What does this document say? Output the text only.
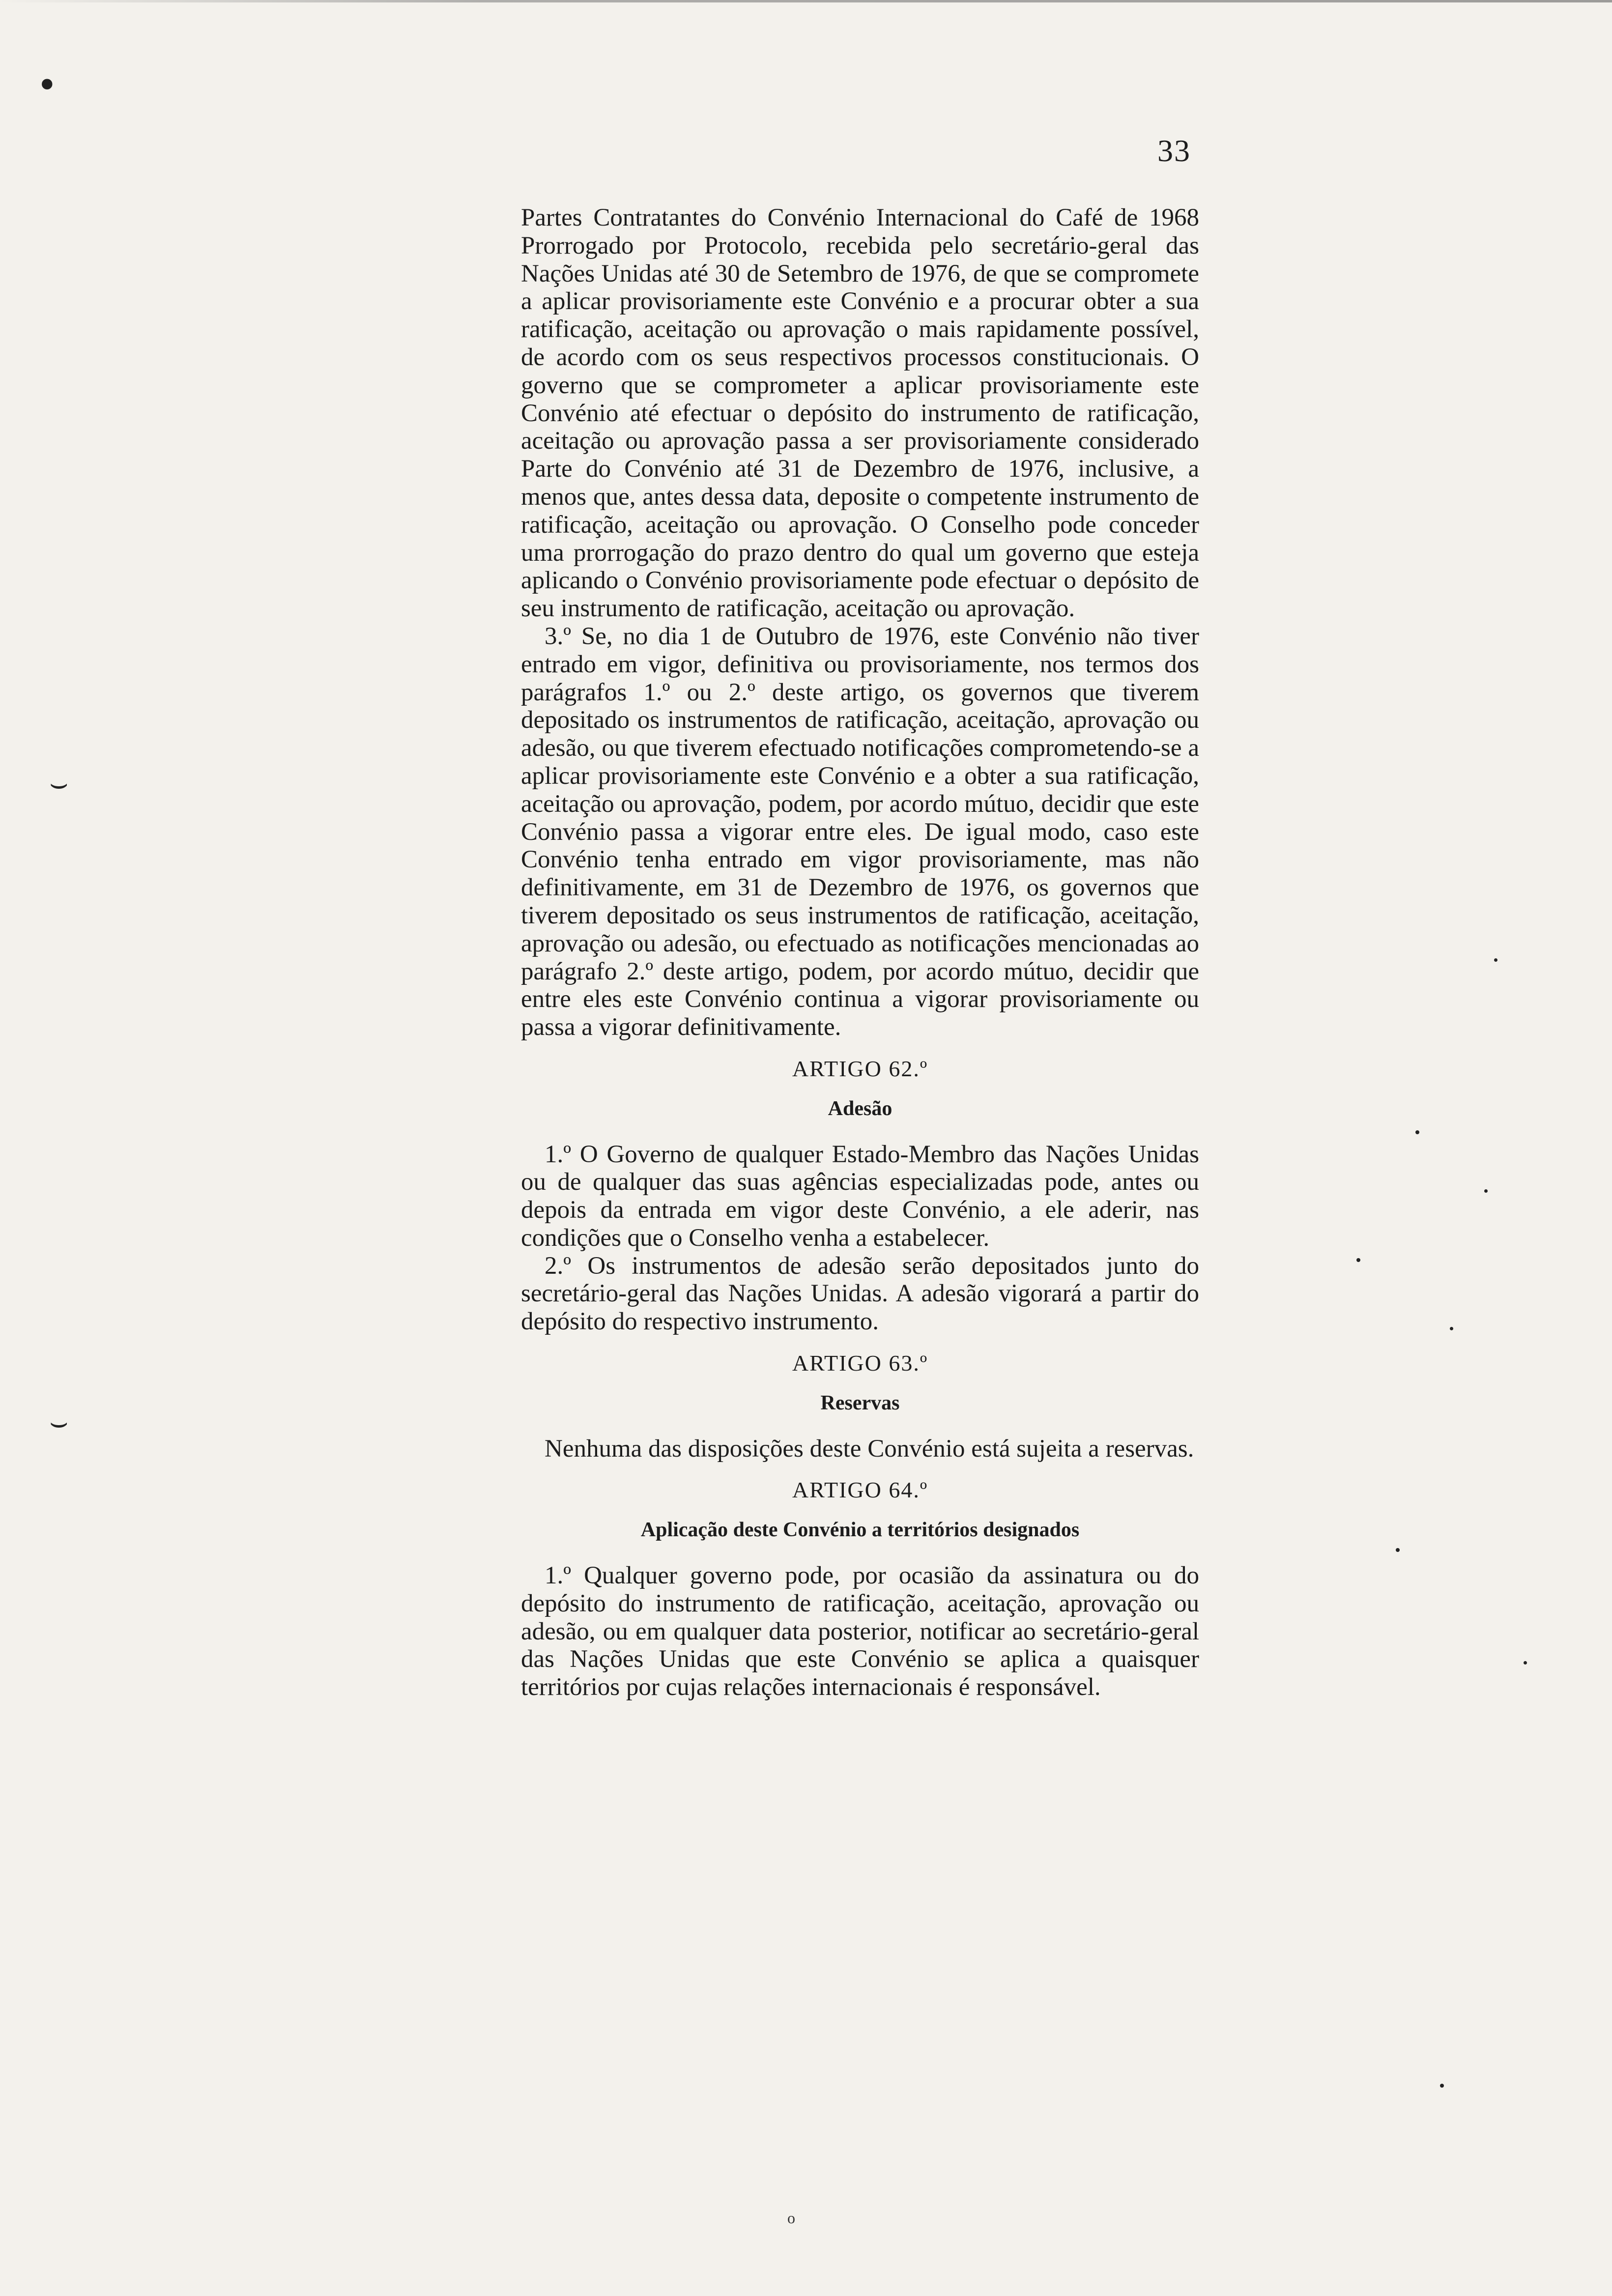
•
⌣
⌣
33

Partes Contratantes do Convénio Internacional do Café de 1968 Prorrogado por Protocolo, recebida pelo secretário-geral das Nações Unidas até 30 de Setembro de 1976, de que se compromete a aplicar provisoriamente este Convénio e a procurar obter a sua ratificação, aceitação ou aprovação o mais rapidamente possível, de acordo com os seus respectivos processos constitucionais. O governo que se comprometer a aplicar provisoriamente este Convénio até efectuar o depósito do instrumento de ratificação, aceitação ou aprovação passa a ser provisoriamente considerado Parte do Convénio até 31 de Dezembro de 1976, inclusive, a menos que, antes dessa data, deposite o competente instrumento de ratificação, aceitação ou aprovação. O Conselho pode conceder uma prorrogação do prazo dentro do qual um governo que esteja aplicando o Convénio provisoriamente pode efectuar o depósito de seu instrumento de ratificação, aceitação ou aprovação.

3.º Se, no dia 1 de Outubro de 1976, este Convénio não tiver entrado em vigor, definitiva ou provisoriamente, nos termos dos parágrafos 1.º ou 2.º deste artigo, os governos que tiverem depositado os instrumentos de ratificação, aceitação, aprovação ou adesão, ou que tiverem efectuado notificações comprometendo-se a aplicar provisoriamente este Convénio e a obter a sua ratificação, aceitação ou aprovação, podem, por acordo mútuo, decidir que este Convénio passa a vigorar entre eles. De igual modo, caso este Convénio tenha entrado em vigor provisoriamente, mas não definitivamente, em 31 de Dezembro de 1976, os governos que tiverem depositado os seus instrumentos de ratificação, aceitação, aprovação ou adesão, ou efectuado as notificações mencionadas ao parágrafo 2.º deste artigo, podem, por acordo mútuo, decidir que entre eles este Convénio continua a vigorar provisoriamente ou passa a vigorar definitivamente.

ARTIGO 62.º
Adesão

1.º O Governo de qualquer Estado-Membro das Nações Unidas ou de qualquer das suas agências especializadas pode, antes ou depois da entrada em vigor deste Convénio, a ele aderir, nas condições que o Conselho venha a estabelecer.

2.º Os instrumentos de adesão serão depositados junto do secretário-geral das Nações Unidas. A adesão vigorará a partir do depósito do respectivo instrumento.

ARTIGO 63.º
Reservas

Nenhuma das disposições deste Convénio está sujeita a reservas.

ARTIGO 64.º
Aplicação deste Convénio a territórios designados

1.º Qualquer governo pode, por ocasião da assinatura ou do depósito do instrumento de ratificação, aceitação, aprovação ou adesão, ou em qualquer data posterior, notificar ao secretário-geral das Nações Unidas que este Convénio se aplica a quaisquer territórios por cujas relações internacionais é responsável.

o
